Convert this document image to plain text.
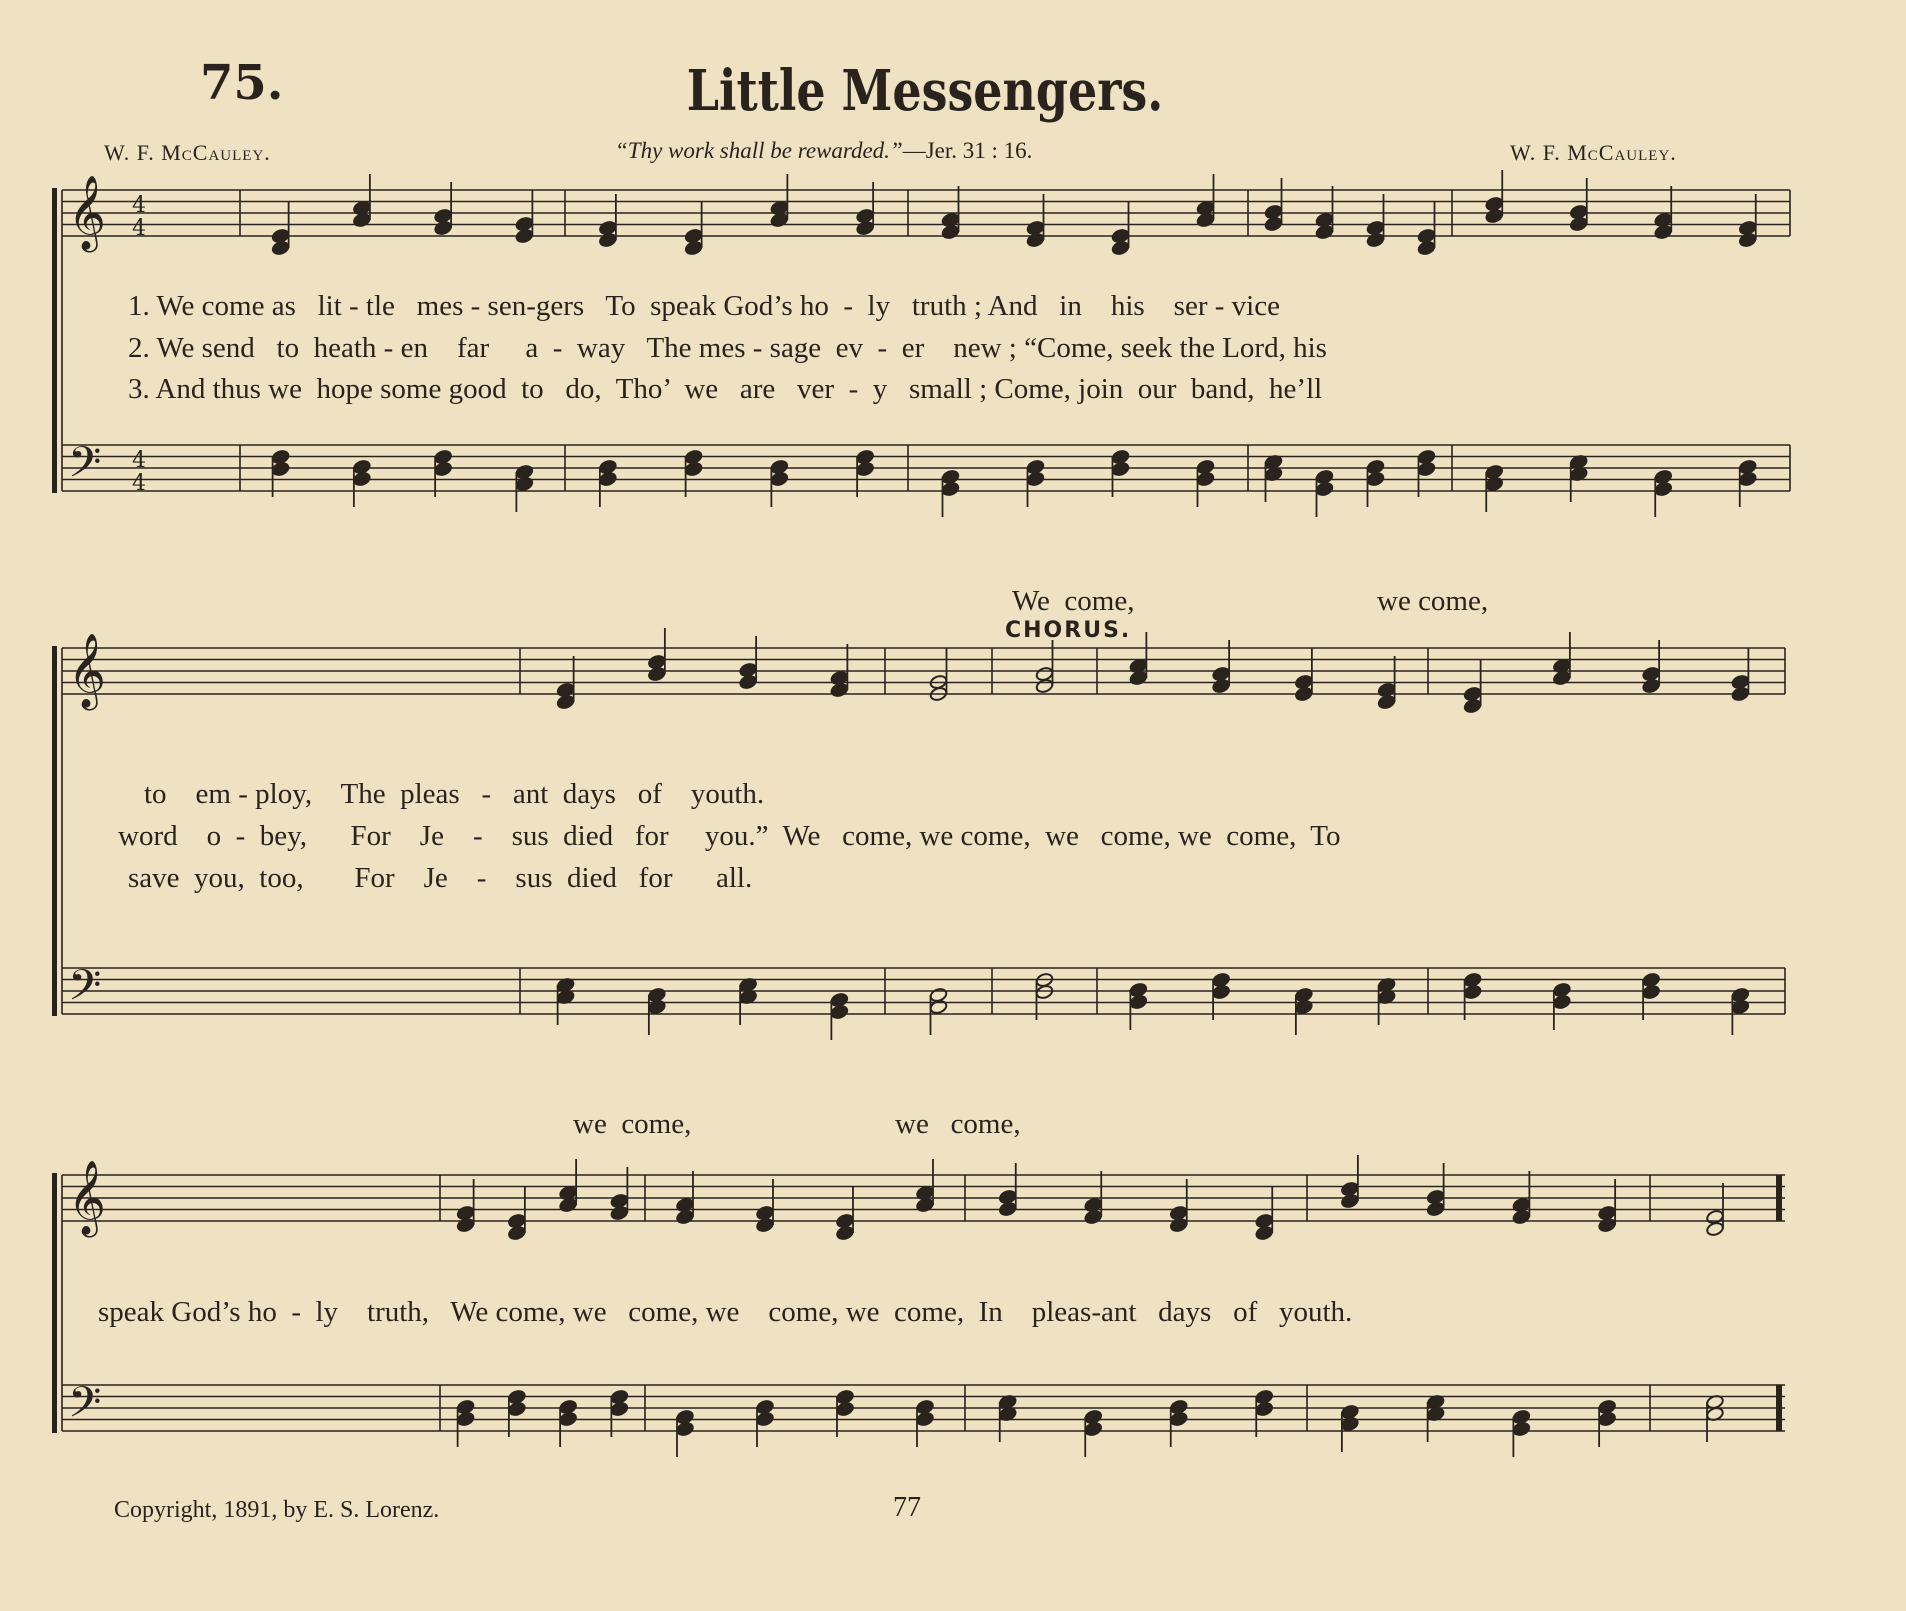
75.	Little Messengers.
W. F. McCauley.	“Thy work shall be rewarded.”—Jer. 31 : 16.	W. F. McCauley.
𝄞
𝄢
4
4
4
4
𝄞
𝄢
𝄞
𝄢
1. We come as   lit - tle   mes - sen-gers   To  speak God’s ho  -  ly   truth ; And   in    his    ser - vice
2. We send   to  heath - en    far     a  -  way   The mes - sage  ev  -  er    new ; “Come, seek the Lord, his
3. And thus we  hope some good  to   do,  Tho’  we   are   ver  -  y   small ; Come, join  our  band,  he’ll
We  come,	we come,
CHORUS.
to    em - ploy,    The  pleas   -   ant  days   of    youth.
word    o  -  bey,      For    Je    -    sus  died   for     you.”  We   come, we come,  we   come, we  come,  To
save  you,  too,       For    Je    -    sus  died   for      all.
we  come,	we   come,
speak God’s ho  -  ly    truth,   We come, we   come, we    come, we  come,  In    pleas-ant   days   of   youth.
Copyright, 1891, by E. S. Lorenz.	77
